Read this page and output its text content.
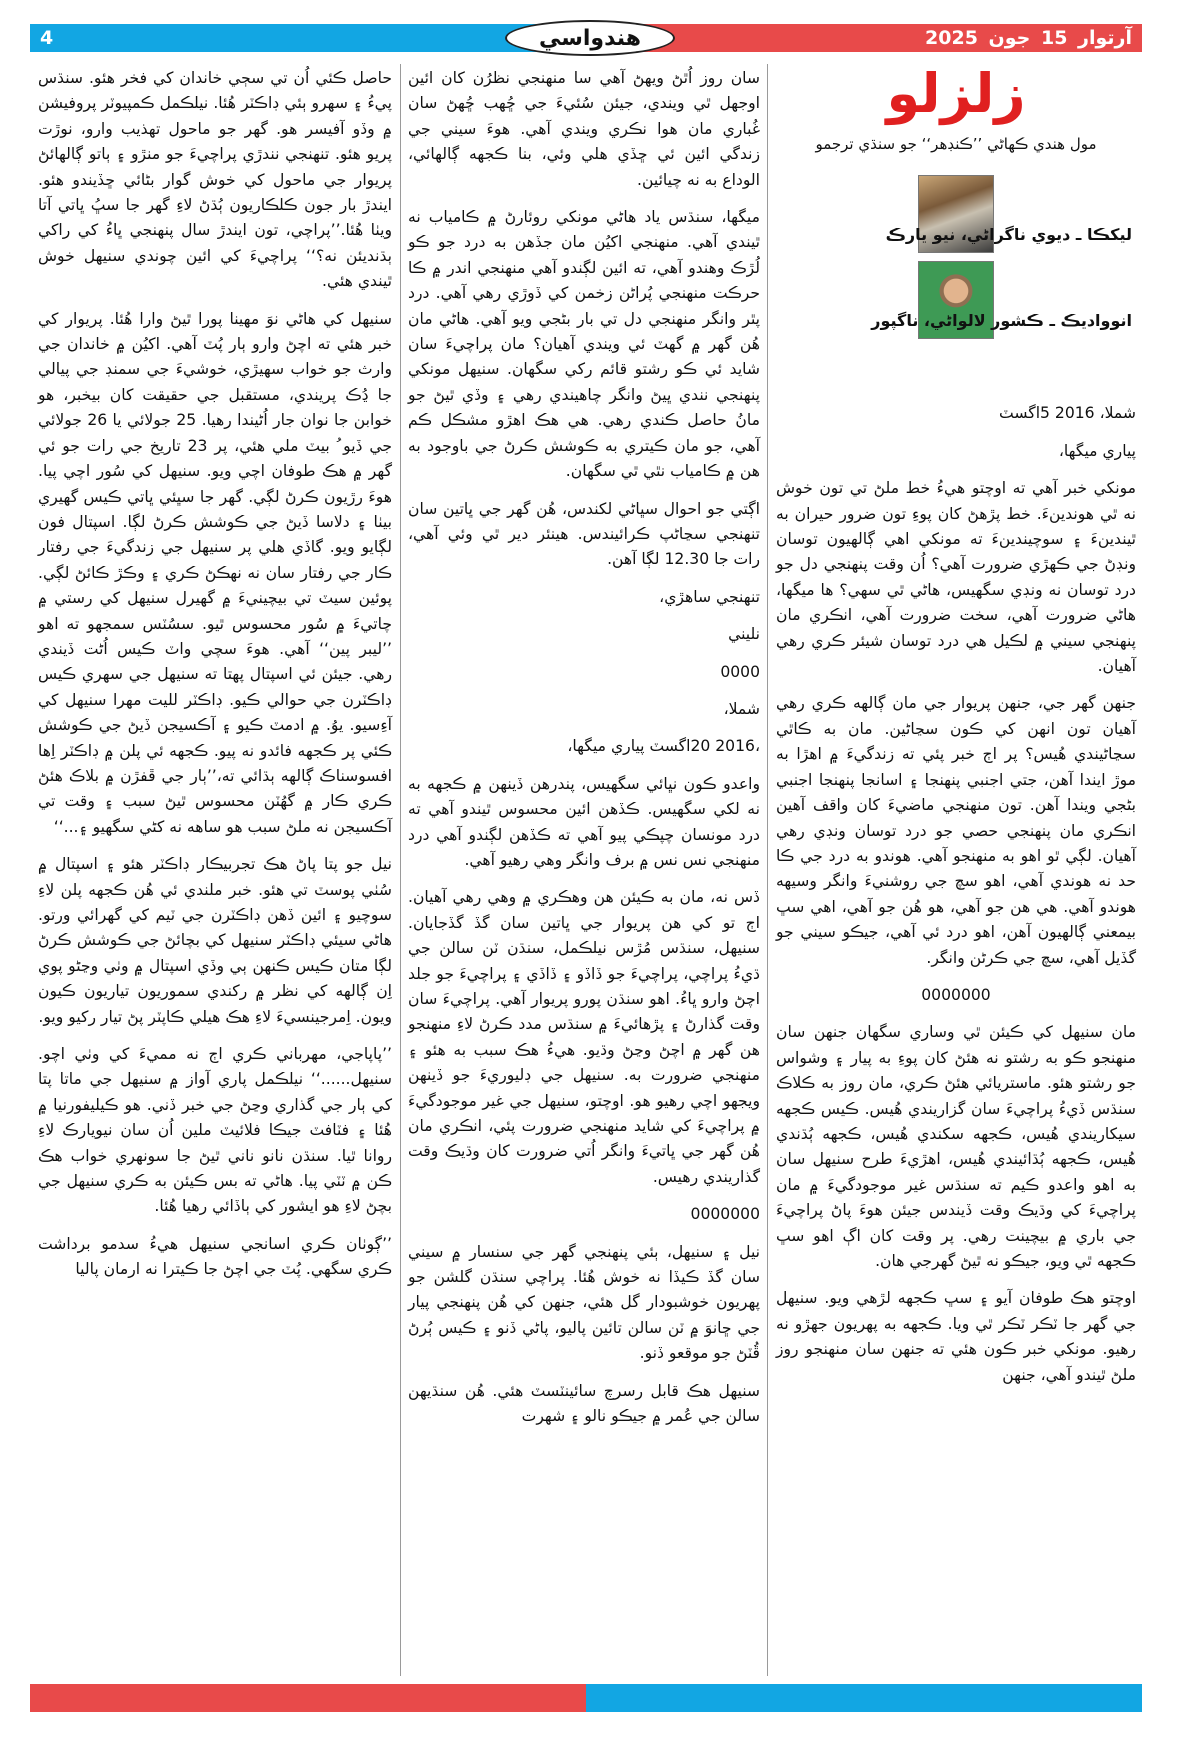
4	هندواسي	آرتوار 15 جون 2025
زلزلو
مول هندي ڪهاڻي ’’ڪنڊهر‘‘ جو سنڌي ترجمو
ليکڪا ـ ديوي ناگراڻي، نيو يارڪ
انوواديڪ ـ ڪشور لالواڻي، ناگپور

شملا، 2016 5اگسٽ

پياري ميگها،

مونکي خبر آهي ته اوچتو هيءُ خط ملڻ تي تون خوش نه ٿي هوندينءَ. خط پڙهڻ کان پوءِ تون ضرور حيران به ٿيندينءَ ۽ سوچيندينءَ ته مونکي اهي ڳالهيون توسان ونڊڻ جي ڪهڙي ضرورت آهي؟ اُن وقت پنهنجي دل جو درد توسان نه ونڊي سگهيس، هاڻي ٿي سهي؟ ها ميگها، هاڻي ضرورت آهي، سخت ضرورت آهي، انڪري مان پنهنجي سيني ۾ لڪيل هي درد توسان شيئر ڪري رهي آهيان.

جنهن گهر جي، جنهن پريوار جي مان ڳالهه ڪري رهي آهيان تون انهن کي ڪون سڃاڻين. مان به ڪاٿي سڃاڻيندي هُيس؟ پر اڄ خبر پئي ته زندگيءَ ۾ اهڙا به موڙ ايندا آهن، جتي اجنبي پنهنجا ۽ اسانجا پنهنجا اجنبي بڻجي ويندا آهن. تون منهنجي ماضيءَ کان واقف آهين انڪري مان پنهنجي حصي جو درد توسان ونڊي رهي آهيان. لڳي ٿو اهو به منهنجو آهي. هوندو به درد جي ڪا حد نه هوندي آهي، اهو سچ جي روشنيءَ وانگر وسيهه هوندو آهي. هي هن جو آهي، هو هُن جو آهي، اهي سڀ بيمعني ڳالهيون آهن، اهو درد ئي آهي، جيڪو سيني جو گڏيل آهي، سچ جي ڪرڻن وانگر.

0000000

مان سنيهل کي ڪيئن ٿي وساري سگهان جنهن سان منهنجو ڪو به رشتو نه هئڻ کان پوءِ به پيار ۽ وشواس جو رشتو هئو. ماستريائي هئڻ ڪري، مان روز به ڪلاڪ سنڌس ڏيءُ پراچيءَ سان گزاريندي هُيس. ڪيس ڪجهه سيکاريندي هُيس، ڪجهه سکندي هُيس، ڪجهه ٻُڌندي هُيس، ڪجهه ٻُڌائيندي هُيس، اهڙيءَ طرح سنيهل سان به اهو واعدو ڪيم ته سنڌس غير موجودگيءَ ۾ مان پراچيءَ کي وڌيڪ وقت ڏيندس جيئن هوءَ پاڻ پراچيءَ جي باري ۾ بيچينت رهي. پر وقت کان اڳ اهو سڀ ڪجهه ٿي ويو، جيڪو نه ٿيڻ گهرجي هان.

اوچتو هڪ طوفان آيو ۽ سڀ ڪجهه لڙهي ويو. سنيهل جي گهر جا ٽڪر ٽڪر ٿي ويا. ڪجهه به پهريون جهڙو نه رهيو. مونکي خبر ڪون هئي ته جنهن سان منهنجو روز ملڻ ٿيندو آهي، جنهن

سان روز اُٿڻ ويهڻ آهي سا منهنجي نظرُن کان ائين اوجهل ٿي ويندي، جيئن سُئيءَ جي ڇُهب ڇُهڻ سان غُباري مان هوا نڪري ويندي آهي. هوءَ سيني جي زندگي ائين ئي ڇڏي هلي وئي، بنا ڪجهه ڳالهائي، الوداع به نه چيائين.

ميگها، سنڌس ياد هاڻي مونکي روئارڻ ۾ ڪامياب نه ٿيندي آهي. منهنجي اکيُن مان جڏهن به درد جو ڪو لُڙڪ وهندو آهي، ته ائين لڳندو آهي منهنجي اندر ۾ ڪا حرڪت منهنجي پُراڻن زخمن کي ڏوڙي رهي آهي. درد پٿر وانگر منهنجي دل تي بار بڻجي ويو آهي. هاڻي مان هُن گهر ۾ گهٽ ئي ويندي آهيان؟ مان پراچيءَ سان شايد ئي ڪو رشتو قائم رکي سگهان. سنيهل مونکي پنهنجي نندي ڀيڻ وانگر چاهيندي رهي ۽ وڏي ٿيڻ جو مانُ حاصل ڪندي رهي. هي هڪ اهڙو مشڪل ڪم آهي، جو مان ڪيتري به ڪوشش ڪرڻ جي باوجود به هن ۾ ڪامياب نٿي ٿي سگهان.

اڳتي جو احوال سڀاڻي لکندس، هُن گهر جي ڀاتين سان تنهنجي سڃاڻپ ڪرائيندس. هينئر دير ٿي وئي آهي، رات جا 12.30 لڳا آهن.

تنهنجي ساهڙي،

نليني

0000

شملا،

،2016 20اگسٽ پياري ميگها،

واعدو ڪون نڀائي سگهيس، پندرهن ڏينهن ۾ ڪجهه به نه لکي سگهيس. ڪڏهن ائين محسوس ٿيندو آهي ته درد مونسان چپڪي پيو آهي ته ڪڏهن لڳندو آهي درد منهنجي نس نس ۾ برف وانگر وهي رهيو آهي.

ڏس نه، مان به ڪيئن هن وهڪري ۾ وهي رهي آهيان. اڄ تو کي هن پريوار جي ڀاتين سان گڏ گڏجايان. سنيهل، سنڌس مُڙس نيلڪمل، سنڌن ٽن سالن جي ڌيءُ پراچي، پراچيءَ جو ڏاڏو ۽ ڏاڏي ۽ پراچيءَ جو جلد اچڻ وارو ڀاءُ. اهو سنڌن پورو پريوار آهي. پراچيءَ سان وقت گذارڻ ۽ پڙهائيءَ ۾ سنڌس مدد ڪرڻ لاءِ منهنجو هن گهر ۾ اچڻ وڃڻ وڌيو. هيءُ هڪ سبب به هئو ۽ منهنجي ضرورت به. سنيهل جي ڊليوريءَ جو ڏينهن ويجهو اچي رهيو هو. اوچتو، سنيهل جي غير موجودگيءَ ۾ پراچيءَ کي شايد منهنجي ضرورت پئي، انڪري مان هُن گهر جي ڀاتيءَ وانگر اُتي ضرورت کان وڌيڪ وقت گذاريندي رهيس.

0000000

نيل ۽ سنيهل، ٻئي پنهنجي گهر جي سنسار ۾ سيني سان گڏ ڪيڏا نه خوش هُئا. پراچي سنڌن گلشن جو پهريون خوشبودار گل هئي، جنهن کي هُن پنهنجي پيار جي ڇانوَ ۾ ٽن سالن تائين پاليو، پاڻي ڏنو ۽ ڪيس ٻُرڻ ڦُٽڻ جو موقعو ڏنو.

سنيهل هڪ قابل رسرچ سائينٽسٽ هئي. هُن سنڌيهن سالن جي عُمر ۾ جيڪو نالو ۽ شهرت

حاصل ڪئي اُن تي سڄي خاندان کي فخر هئو. سنڌس پيءُ ۽ سهرو ٻئي ڊاڪٽر هُئا. نيلڪمل ڪمپيوٽر پروفيشن ۾ وڏو آفيسر هو. گهر جو ماحول تهذيب وارو، نوڙت پريو هئو. تنهنجي نندڙي پراچيءَ جو منڙو ۽ ٻاتو ڳالهائڻ پريوار جي ماحول کي خوش گوار بڻائي ڇڏيندو هئو. ايندڙ بار جون ڪلڪاريون ٻُڌڻ لاءِ گهر جا سڀُ ڀاتي آتا ويٺا هُئا.’’پراچي، تون ايندڙ سال پنهنجي ڀاءُ کي راکي ٻڌنديئن نه؟‘‘ پراچيءَ کي ائين چوندي سنيهل خوش ٿيندي هئي.

سنيهل کي هاڻي نوَ مهينا پورا ٿيڻ وارا هُئا. پريوار کي خبر هئي ته اچڻ وارو ٻار پُٽ آهي. اکيُن ۾ خاندان جي وارث جو خواب سهيڙي، خوشيءَ جي سمنڊ جي پيالي جا ڍُڪ پريندي، مستقبل جي حقيقت کان بيخبر، هو خوابن جا نوان جار اُڻيندا رهيا. 25 جولائي يا 26 جولائي جي ڏيو ُ بيٽ ملي هئي، پر 23 تاريخ جي رات جو ئي گهر ۾ هڪ طوفان اچي ويو. سنيهل کي سُور اچي پيا. هوءَ رڙيون ڪرڻ لڳي. گهر جا سڀئي ڀاتي ڪيس گهيري بيٺا ۽ دلاسا ڏيڻ جي ڪوشش ڪرڻ لڳا. اسپتال فون لڳايو ويو. گاڏي هلي پر سنيهل جي زندگيءَ جي رفتار ڪار جي رفتار سان نه نهڪڻ ڪري ۽ وڪڙ ڪائڻ لڳي. پوئين سيٽ تي بيچينيءَ ۾ گهيرل سنيهل کي رستي ۾ چاتيءَ ۾ سُور محسوس ٿيو. سسُٽس سمجهو ته اهو ’’ليبر پين‘‘ آهي. هوءَ سچي واٽ ڪيس اُڻت ڏيندي رهي. جيئن ئي اسپتال پهتا ته سنيهل جي سهري ڪيس ڊاڪٽرن جي حوالي ڪيو. ڊاڪٽر لليت مهرا سنيهل کي آءِسيو. يوُ. ۾ ادمٽ ڪيو ۽ آڪسيجن ڏيڻ جي ڪوشش ڪئي پر ڪجهه فائدو نه پيو. ڪجهه ئي پلن ۾ ڊاڪٽر اِها افسوسناڪ ڳالهه ٻڌائي ته،’’ٻار جي ڦفڙن ۾ بلاڪ هئڻ ڪري ڪار ۾ گهُٽن محسوس ٿيڻ سبب ۽ وقت تي آڪسيجن نه ملڻ سبب هو ساهه نه کڻي سگهيو ۽...‘‘

نيل جو پتا پاڻ هڪ تجربيڪار ڊاڪٽر هئو ۽ اسپتال ۾ سُٺي پوسٽ تي هئو. خبر ملندي ئي هُن ڪجهه پلن لاءِ سوچيو ۽ ائين ڏهن ڊاڪٽرن جي ٽيم کي گهرائي ورتو. هاڻي سيئي ڊاڪٽر سنيهل کي بچائڻ جي ڪوشش ڪرڻ لڳا متان ڪيس ڪنهن ٻي وڏي اسپتال ۾ وٺي وڃڻو پوي اِن ڳالهه کي نظر ۾ رکندي سموريون تياريون ڪيون ويون. اِمرجينسيءَ لاءِ هڪ هيلي ڪاپٽر پڻ تيار رکيو ويو.

’’پاپاجي، مهرباني ڪري اڄ نه ممي‌ءَ کي وٺي اچو. سنيهل......‘‘ نيلڪمل پاري آواز ۾ سنيهل جي ماتا پتا کي ٻار جي گذاري وڃڻ جي خبر ڏني. هو ڪيليفورنيا ۾ هُئا ۽ فٽافٽ جيڪا فلائيٽ ملين اُن سان نيويارڪ لاءِ روانا ٿيا. سنڌن نانو ناني ٿيڻ جا سونهري خواب هڪ ڪن ۾ ٽٽي پيا. هاڻي ته بس ڪيئن به ڪري سنيهل جي بچڻ لاءِ هو ايشور کي ٻاڏائي رهيا هُئا.

’’ڳوٺان ڪري اسانجي سنيهل هيءُ سدمو برداشت ڪري سگهي. پُٽ جي اچڻ جا ڪيترا نه ارمان پاليا
